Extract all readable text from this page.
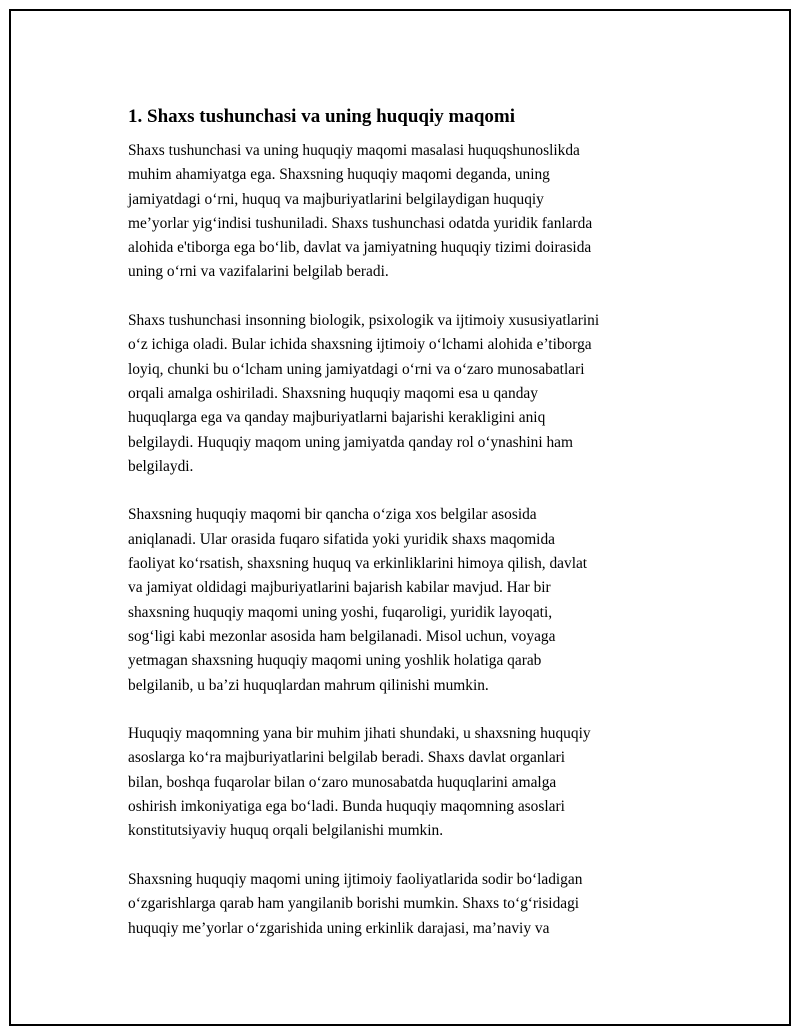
1. Shaxs tushunchasi va uning huquqiy maqomi

Shaxs tushunchasi va uning huquqiy maqomi masalasi huquqshunoslikda
muhim ahamiyatga ega. Shaxsning huquqiy maqomi deganda, uning
jamiyatdagi o‘rni, huquq va majburiyatlarini belgilaydigan huquqiy
me’yorlar yig‘indisi tushuniladi. Shaxs tushunchasi odatda yuridik fanlarda
alohida e'tiborga ega bo‘lib, davlat va jamiyatning huquqiy tizimi doirasida
uning o‘rni va vazifalarini belgilab beradi.

Shaxs tushunchasi insonning biologik, psixologik va ijtimoiy xususiyatlarini
o‘z ichiga oladi. Bular ichida shaxsning ijtimoiy o‘lchami alohida e’tiborga
loyiq, chunki bu o‘lcham uning jamiyatdagi o‘rni va o‘zaro munosabatlari
orqali amalga oshiriladi. Shaxsning huquqiy maqomi esa u qanday
huquqlarga ega va qanday majburiyatlarni bajarishi kerakligini aniq
belgilaydi. Huquqiy maqom uning jamiyatda qanday rol o‘ynashini ham
belgilaydi.

Shaxsning huquqiy maqomi bir qancha o‘ziga xos belgilar asosida
aniqlanadi. Ular orasida fuqaro sifatida yoki yuridik shaxs maqomida
faoliyat ko‘rsatish, shaxsning huquq va erkinliklarini himoya qilish, davlat
va jamiyat oldidagi majburiyatlarini bajarish kabilar mavjud. Har bir
shaxsning huquqiy maqomi uning yoshi, fuqaroligi, yuridik layoqati,
sog‘ligi kabi mezonlar asosida ham belgilanadi. Misol uchun, voyaga
yetmagan shaxsning huquqiy maqomi uning yoshlik holatiga qarab
belgilanib, u ba’zi huquqlardan mahrum qilinishi mumkin.

Huquqiy maqomning yana bir muhim jihati shundaki, u shaxsning huquqiy
asoslarga ko‘ra majburiyatlarini belgilab beradi. Shaxs davlat organlari
bilan, boshqa fuqarolar bilan o‘zaro munosabatda huquqlarini amalga
oshirish imkoniyatiga ega bo‘ladi. Bunda huquqiy maqomning asoslari
konstitutsiyaviy huquq orqali belgilanishi mumkin.

Shaxsning huquqiy maqomi uning ijtimoiy faoliyatlarida sodir bo‘ladigan
o‘zgarishlarga qarab ham yangilanib borishi mumkin. Shaxs to‘g‘risidagi
huquqiy me’yorlar o‘zgarishida uning erkinlik darajasi, ma’naviy va
